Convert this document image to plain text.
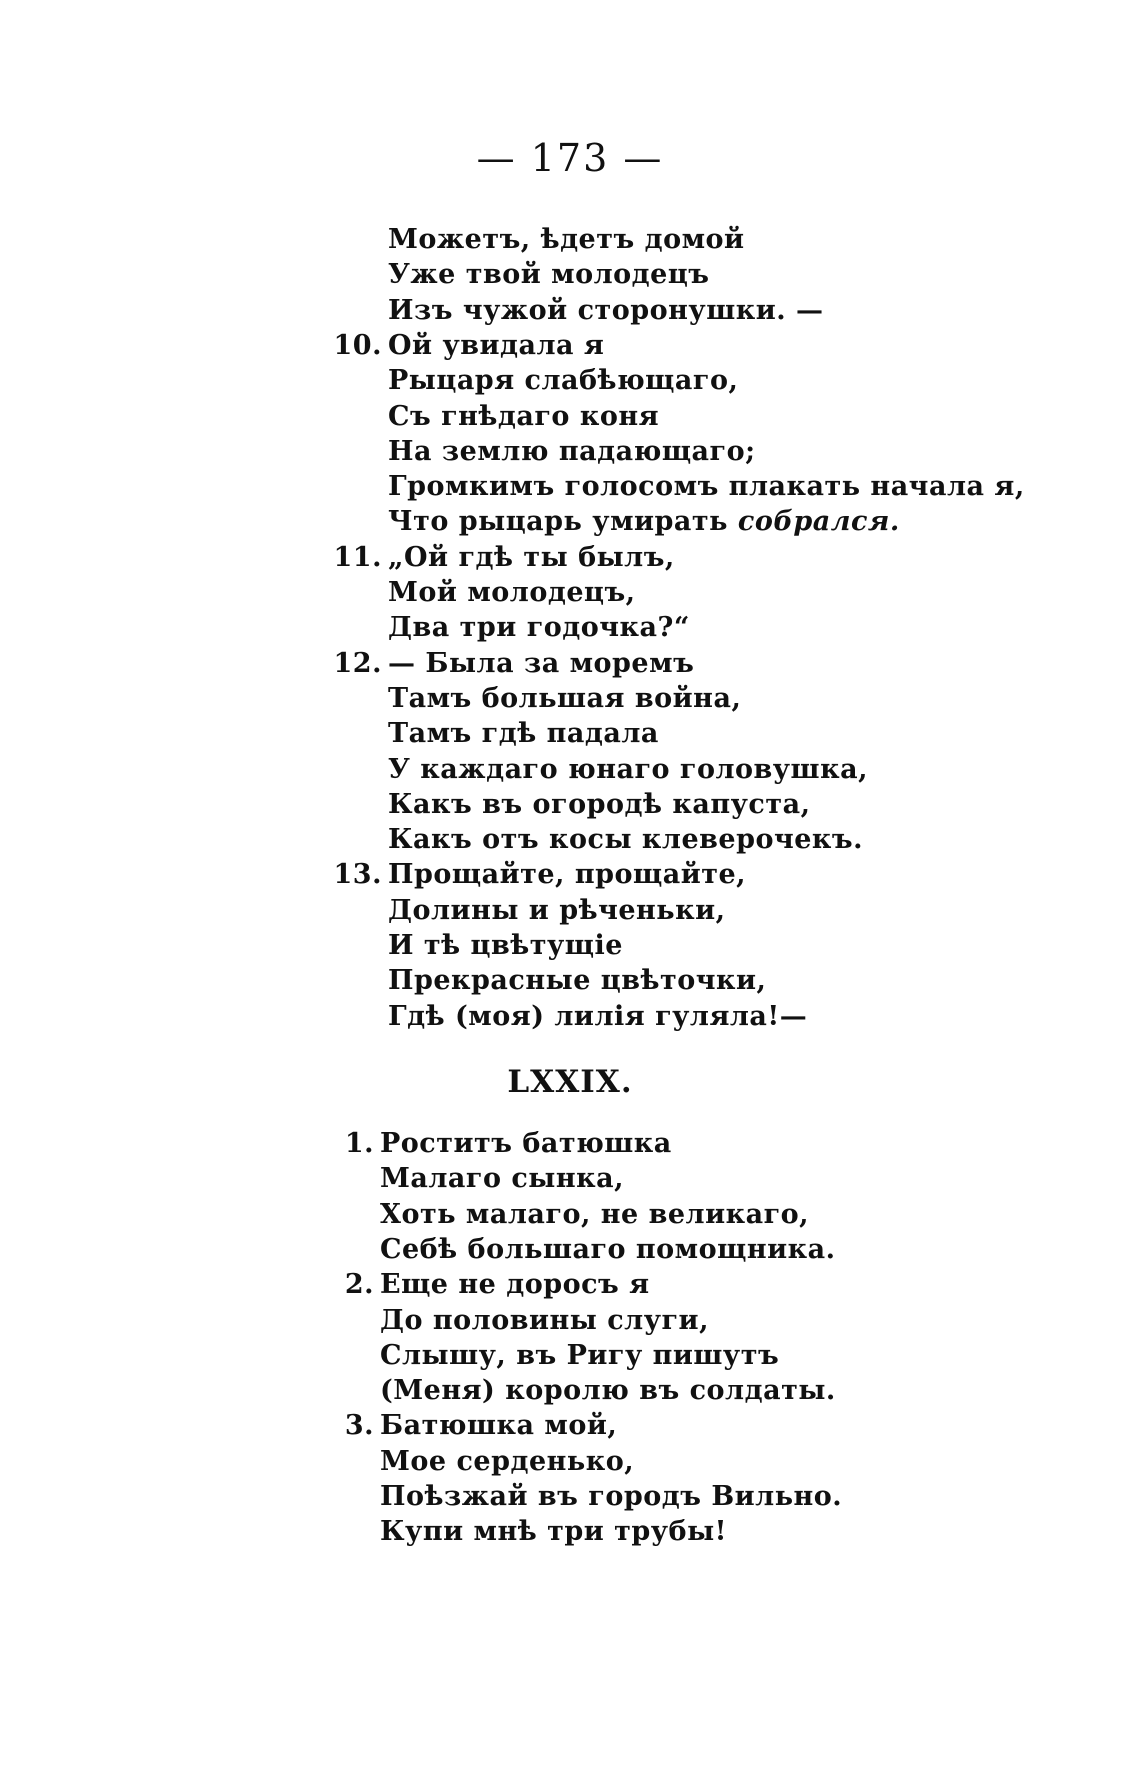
— 173 —
Можетъ, ѣдетъ домой
Уже твой молодецъ
Изъ чужой сторонушки. —
10. Ой увидала я
Рыцаря слабѣющаго,
Съ гнѣдаго коня
На землю падающаго;
Громкимъ голосомъ плакать начала я,
Что рыцарь умирать собрался.
11. „Ой гдѣ ты былъ,
Мой молодецъ,
Два три годочка?“
12. — Была за моремъ
Тамъ большая война,
Тамъ гдѣ падала
У каждаго юнаго головушка,
Какъ въ огородѣ капуста,
Какъ отъ косы клеверочекъ.
13. Прощайте, прощайте,
Долины и рѣченьки,
И тѣ цвѣтущіе
Прекрасные цвѣточки,
Гдѣ (моя) лилія гуляла!—
LXXIX.
1. Роститъ батюшка
Малаго сынка,
Хоть малаго, не великаго,
Себѣ большаго помощника.
2. Еще не доросъ я
До половины слуги,
Слышу, въ Ригу пишутъ
(Меня) королю въ солдаты.
3. Батюшка мой,
Мое серденько,
Поѣзжай въ городъ Вильно.
Купи мнѣ три трубы!
